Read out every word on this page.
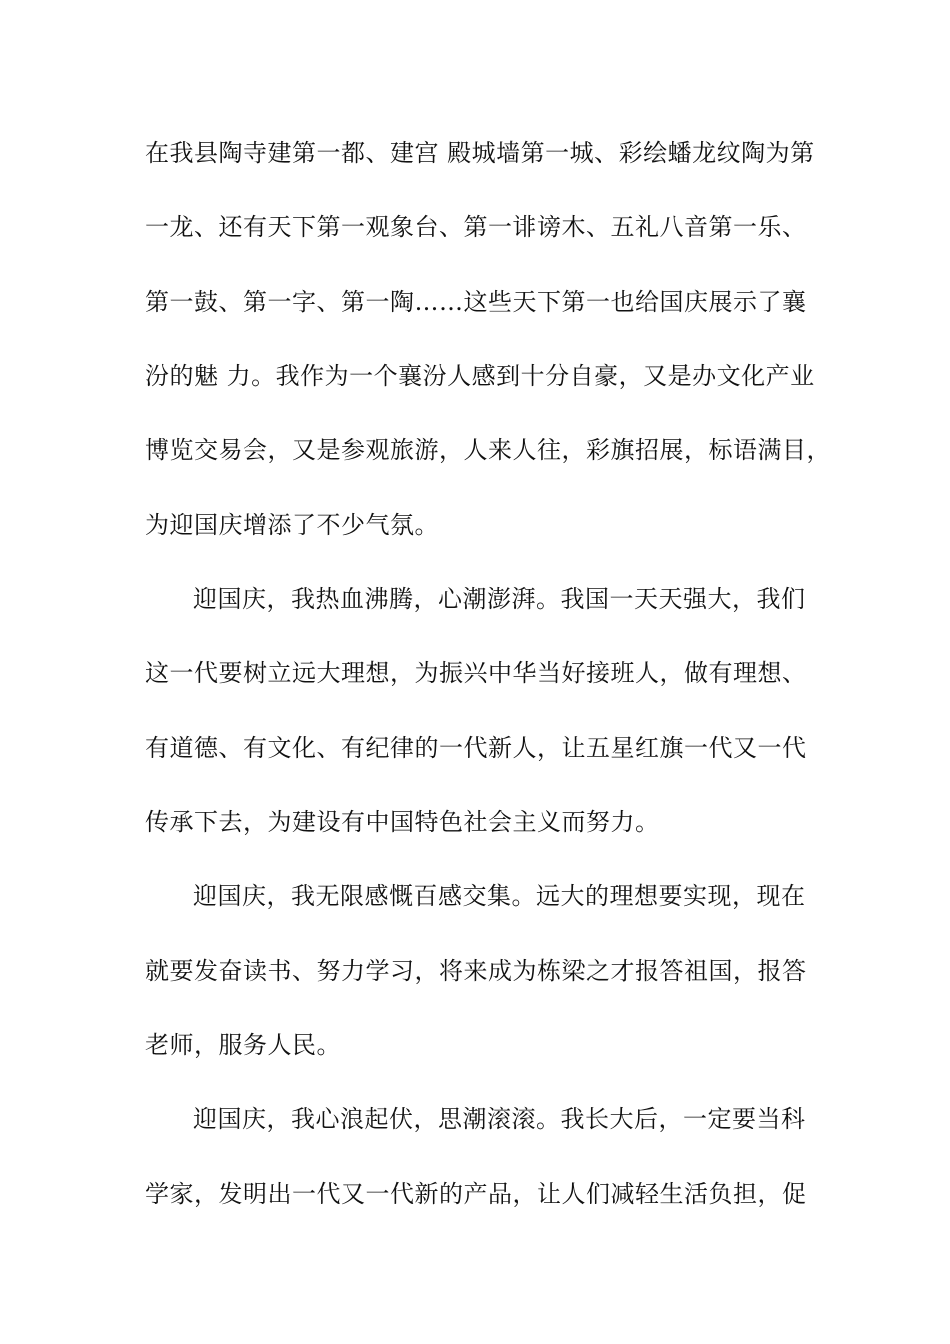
在我县陶寺建第一都、建宫 殿城墙第一城、彩绘蟠龙纹陶为第

一龙、还有天下第一观象台、第一诽谤木、五礼八音第一乐、

第一鼓、第一字、第一陶……这些天下第一也给国庆展示了襄

汾的魅 力。我作为一个襄汾人感到十分自豪，又是办文化产业

博览交易会，又是参观旅游，人来人往，彩旗招展，标语满目，

为迎国庆增添了不少气氛。

迎国庆，我热血沸腾，心潮澎湃。我国一天天强大，我们

这一代要树立远大理想，为振兴中华当好接班人，做有理想、

有道德、有文化、有纪律的一代新人，让五星红旗一代又一代

传承下去，为建设有中国特色社会主义而努力。

迎国庆，我无限感慨百感交集。远大的理想要实现，现在

就要发奋读书、努力学习，将来成为栋梁之才报答祖国，报答

老师，服务人民。

迎国庆，我心浪起伏，思潮滚滚。我长大后，一定要当科

学家，发明出一代又一代新的产品，让人们减轻生活负担，促
